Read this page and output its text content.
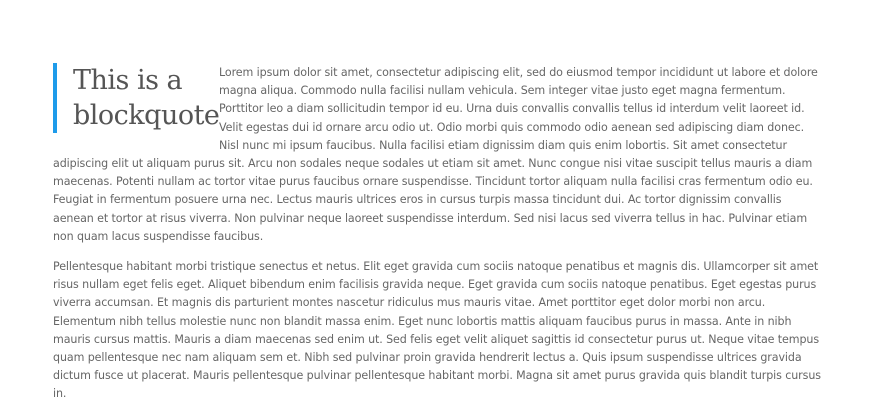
This is a blockquote

Lorem ipsum dolor sit amet, consectetur adipiscing elit, sed do eiusmod tempor incididunt ut labore et dolore magna aliqua. Commodo nulla facilisi nullam vehicula. Sem integer vitae justo eget magna fermentum. Porttitor leo a diam sollicitudin tempor id eu. Urna duis convallis convallis tellus id interdum velit laoreet id. Velit egestas dui id ornare arcu odio ut. Odio morbi quis commodo odio aenean sed adipiscing diam donec. Nisl nunc mi ipsum faucibus. Nulla facilisi etiam dignissim diam quis enim lobortis. Sit amet consectetur adipiscing elit ut aliquam purus sit. Arcu non sodales neque sodales ut etiam sit amet. Nunc congue nisi vitae suscipit tellus mauris a diam maecenas. Potenti nullam ac tortor vitae purus faucibus ornare suspendisse. Tincidunt tortor aliquam nulla facilisi cras fermentum odio eu. Feugiat in fermentum posuere urna nec. Lectus mauris ultrices eros in cursus turpis massa tincidunt dui. Ac tortor dignissim convallis aenean et tortor at risus viverra. Non pulvinar neque laoreet suspendisse interdum. Sed nisi lacus sed viverra tellus in hac. Pulvinar etiam non quam lacus suspendisse faucibus.

Pellentesque habitant morbi tristique senectus et netus. Elit eget gravida cum sociis natoque penatibus et magnis dis. Ullamcorper sit amet risus nullam eget felis eget. Aliquet bibendum enim facilisis gravida neque. Eget gravida cum sociis natoque penatibus. Eget egestas purus viverra accumsan. Et magnis dis parturient montes nascetur ridiculus mus mauris vitae. Amet porttitor eget dolor morbi non arcu. Elementum nibh tellus molestie nunc non blandit massa enim. Eget nunc lobortis mattis aliquam faucibus purus in massa. Ante in nibh mauris cursus mattis. Mauris a diam maecenas sed enim ut. Sed felis eget velit aliquet sagittis id consectetur purus ut. Neque vitae tempus quam pellentesque nec nam aliquam sem et. Nibh sed pulvinar proin gravida hendrerit lectus a. Quis ipsum suspendisse ultrices gravida dictum fusce ut placerat. Mauris pellentesque pulvinar pellentesque habitant morbi. Magna sit amet purus gravida quis blandit turpis cursus in.
